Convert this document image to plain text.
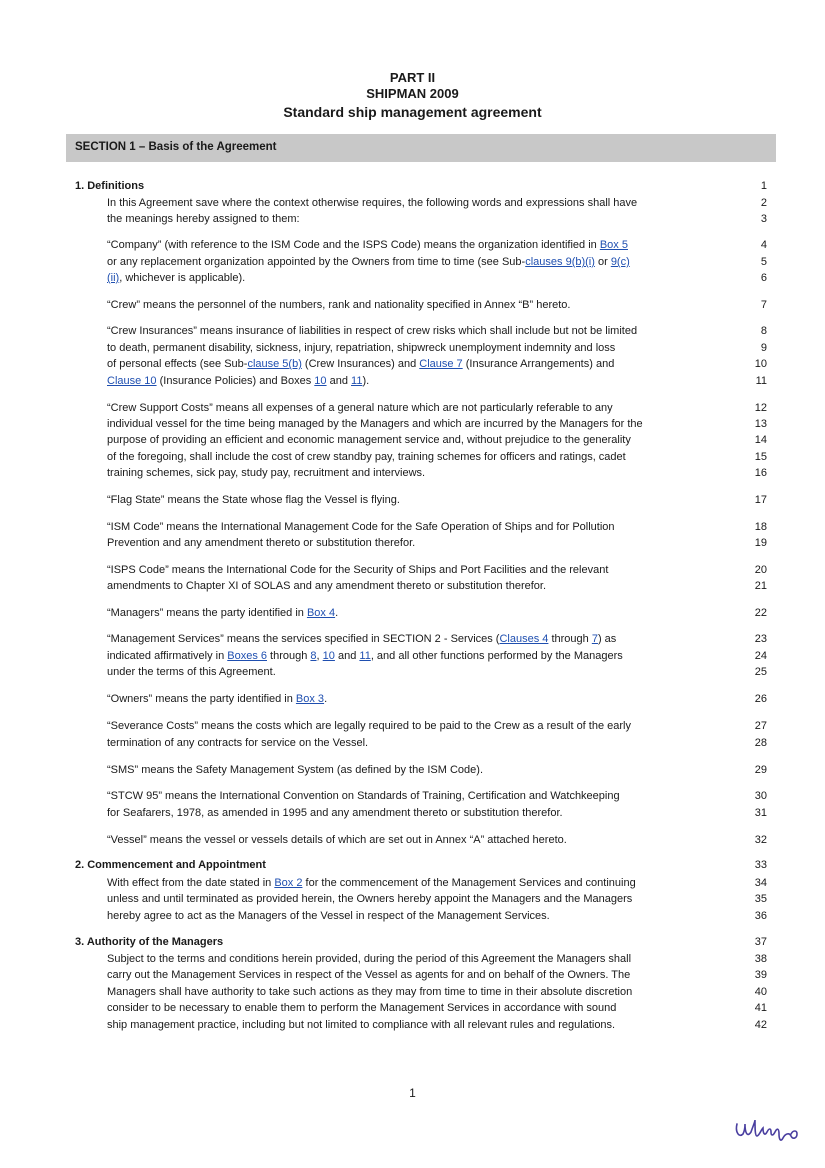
PART II
SHIPMAN 2009
Standard ship management agreement
SECTION 1 – Basis of the Agreement
1. Definitions	1
In this Agreement save where the context otherwise requires, the following words and expressions shall have	2
the meanings hereby assigned to them:	3
“Company” (with reference to the ISM Code and the ISPS Code) means the organization identified in Box 5	4
or any replacement organization appointed by the Owners from time to time (see Sub-clauses 9(b)(i) or 9(c)	5
(ii), whichever is applicable).	6
“Crew” means the personnel of the numbers, rank and nationality specified in Annex “B” hereto.	7
“Crew Insurances” means insurance of liabilities in respect of crew risks which shall include but not be limited	8
to death, permanent disability, sickness, injury, repatriation, shipwreck unemployment indemnity and loss	9
of personal effects (see Sub-clause 5(b) (Crew Insurances) and Clause 7 (Insurance Arrangements) and	10
Clause 10 (Insurance Policies) and Boxes 10 and 11).	11
“Crew Support Costs” means all expenses of a general nature which are not particularly referable to any	12
individual vessel for the time being managed by the Managers and which are incurred by the Managers for the	13
purpose of providing an efficient and economic management service and, without prejudice to the generality	14
of the foregoing, shall include the cost of crew standby pay, training schemes for officers and ratings, cadet	15
training schemes, sick pay, study pay, recruitment and interviews.	16
“Flag State” means the State whose flag the Vessel is flying.	17
“ISM Code” means the International Management Code for the Safe Operation of Ships and for Pollution	18
Prevention and any amendment thereto or substitution therefor.	19
“ISPS Code” means the International Code for the Security of Ships and Port Facilities and the relevant	20
amendments to Chapter XI of SOLAS and any amendment thereto or substitution therefor.	21
“Managers” means the party identified in Box 4.	22
“Management Services” means the services specified in SECTION 2 - Services (Clauses 4 through 7) as	23
indicated affirmatively in Boxes 6 through 8, 10 and 11, and all other functions performed by the Managers	24
under the terms of this Agreement.	25
“Owners” means the party identified in Box 3.	26
“Severance Costs” means the costs which are legally required to be paid to the Crew as a result of the early	27
termination of any contracts for service on the Vessel.	28
“SMS” means the Safety Management System (as defined by the ISM Code).	29
“STCW 95” means the International Convention on Standards of Training, Certification and Watchkeeping	30
for Seafarers, 1978, as amended in 1995 and any amendment thereto or substitution therefor.	31
“Vessel” means the vessel or vessels details of which are set out in Annex “A” attached hereto.	32
2. Commencement and Appointment	33
With effect from the date stated in Box 2 for the commencement of the Management Services and continuing	34
unless and until terminated as provided herein, the Owners hereby appoint the Managers and the Managers	35
hereby agree to act as the Managers of the Vessel in respect of the Management Services.	36
3. Authority of the Managers	37
Subject to the terms and conditions herein provided, during the period of this Agreement the Managers shall	38
carry out the Management Services in respect of the Vessel as agents for and on behalf of the Owners. The	39
Managers shall have authority to take such actions as they may from time to time in their absolute discretion	40
consider to be necessary to enable them to perform the Management Services in accordance with sound	41
ship management practice, including but not limited to compliance with all relevant rules and regulations.	42
1
